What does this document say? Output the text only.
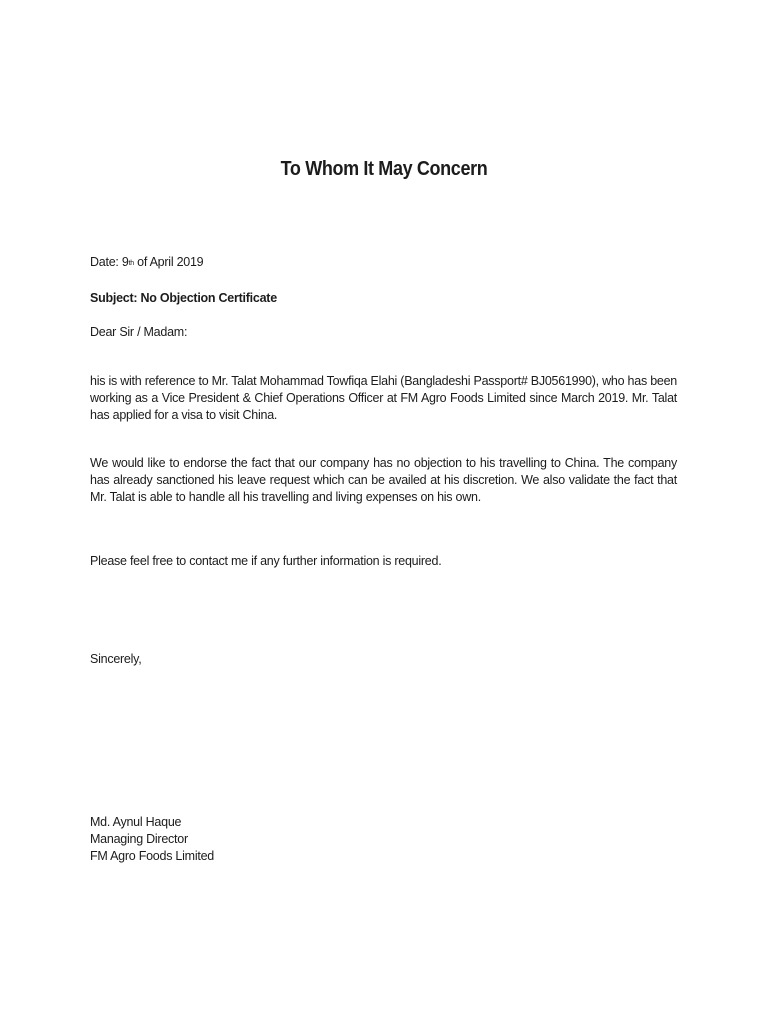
To Whom It May Concern
Date: 9th of April 2019
Subject: No Objection Certificate
Dear Sir / Madam:

his is with reference to Mr. Talat Mohammad Towfiqa Elahi (Bangladeshi Passport# BJ0561990), who has been working as a Vice President & Chief Operations Officer at FM Agro Foods Limited since March 2019. Mr. Talat has applied for a visa to visit China.

We would like to endorse the fact that our company has no objection to his travelling to China. The company has already sanctioned his leave request which can be availed at his discretion. We also validate the fact that Mr. Talat is able to handle all his travelling and living expenses on his own.

Please feel free to contact me if any further information is required.
Sincerely,
Md. Aynul Haque
Managing Director
FM Agro Foods Limited
